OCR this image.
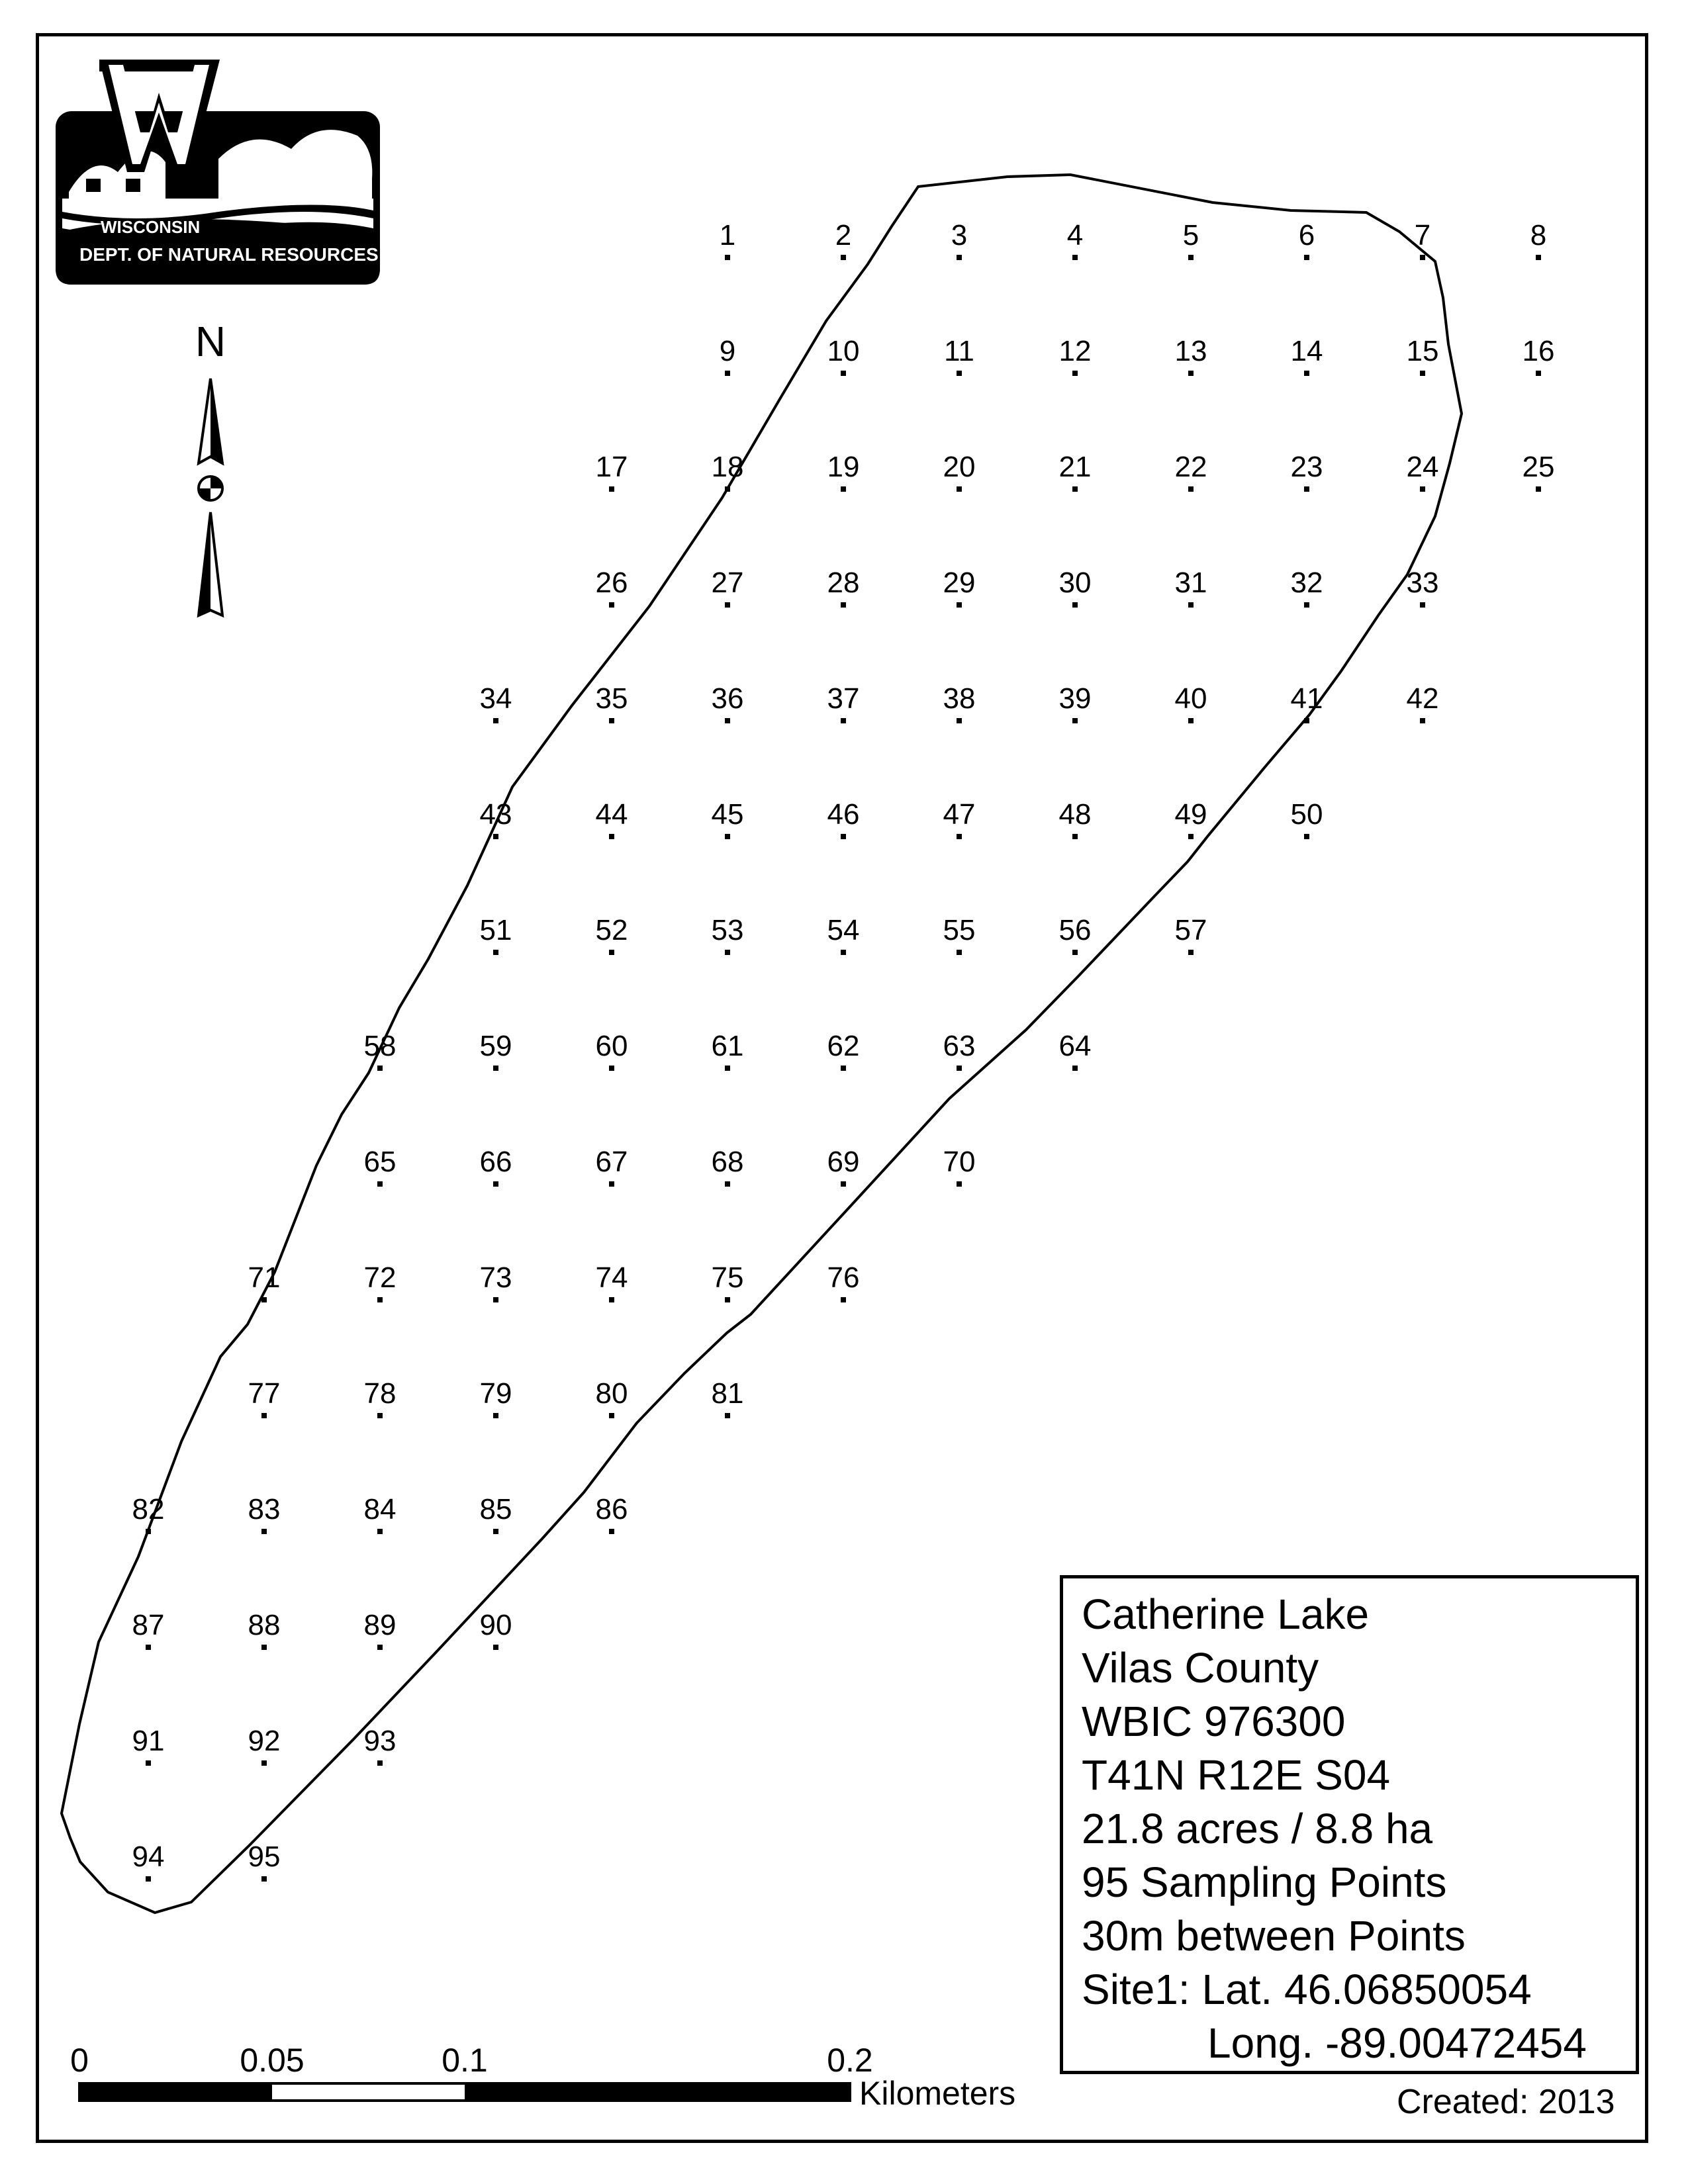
WISCONSIN
DEPT. OF NATURAL RESOURCES
N
1	2	3	4	5	6	7	8
9	10	11	12	13	14	15	16
17	18	19	20	21	22	23	24	25
26	27	28	29	30	31	32	33
34	35	36	37	38	39	40	41	42
43	44	45	46	47	48	49	50
51	52	53	54	55	56	57
58	59	60	61	62	63	64
65	66	67	68	69	70
71	72	73	74	75	76
77	78	79	80	81
82	83	84	85	86
87	88	89	90
91	92	93
94	95
0	0.05	0.1	0.2
Kilometers
Catherine Lake
Vilas County
WBIC 976300
T41N R12E S04
21.8 acres / 8.8 ha
95 Sampling Points
30m between Points
Site1: Lat. 46.06850054
Long. -89.00472454
Created: 2013
